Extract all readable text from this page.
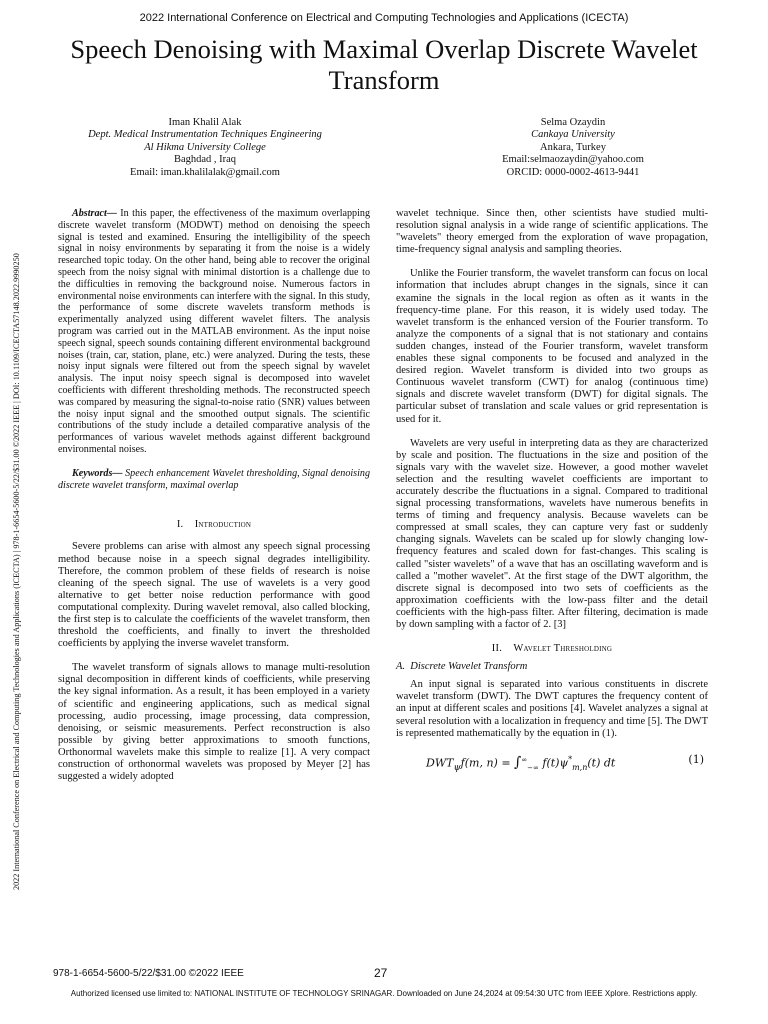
2022 International Conference on Electrical and Computing Technologies and Applications (ICECTA)
Speech Denoising with Maximal Overlap Discrete Wavelet Transform
2022 International Conference on Electrical and Computing Technologies and Applications (ICECTA) | 978-1-6654-5600-5/22/$31.00 ©2022 IEEE | DOI: 10.1109/ICECTA57148.2022.9990250
Iman Khalil Alak
Dept. Medical Instrumentation Techniques Engineering
Al Hikma University College
Baghdad , Iraq
Email: iman.khalilalak@gmail.com
Selma Ozaydin
Cankaya University
Ankara, Turkey
Email:selmaozaydin@yahoo.com
ORCID: 0000-0002-4613-9441

Abstract— In this paper, the effectiveness of the maximum overlapping discrete wavelet transform (MODWT) method on denoising the speech signal is tested and examined. Ensuring the intelligibility of the speech signal in noisy environments by separating it from the noise is a widely researched topic today. On the other hand, being able to recover the original speech from the noisy signal with minimal distortion is a challenge due to the difficulties in removing the background noise. Numerous factors in environmental noise environments can interfere with the signal. In this study, the performance of some discrete wavelets transform methods is experimentally analyzed using different wavelet filters. The analysis program was carried out in the MATLAB environment. As the input noise speech signal, speech sounds containing different environmental background noises (train, car, station, plane, etc.) were analyzed. During the tests, these noisy input signals were filtered out from the speech signal by wavelet analysis. The input noisy speech signal is decomposed into wavelet coefficients with different thresholding methods. The reconstructed speech was compared by measuring the signal-to-noise ratio (SNR) values between the noisy input signal and the smoothed output signals. The scientific contributions of the study include a detailed comparative analysis of the performances of various wavelet methods against different background environmental noises.

Keywords— Speech enhancement Wavelet thresholding, Signal denoising discrete wavelet transform, maximal overlap

I. Introduction

Severe problems can arise with almost any speech signal processing method because noise in a speech signal degrades intelligibility. Therefore, the common problem of these fields of research is noise cleaning of the speech signal. The use of wavelets is a very good alternative to get better noise reduction performance with good computational complexity. During wavelet removal, also called blocking, the first step is to calculate the coefficients of the wavelet transform, then threshold the coefficients, and finally to invert the thresholded coefficients by applying the inverse wavelet transform.

The wavelet transform of signals allows to manage multi-resolution signal decomposition in different kinds of coefficients, while preserving the key signal information. As a result, it has been employed in a variety of scientific and engineering applications, such as medical signal processing, audio processing, image processing, data compression, denoising, or seismic measurements. Perfect reconstruction is also possible by giving better approximations to smooth functions, Orthonormal wavelets make this simple to realize [1]. A very compact construction of orthonormal wavelets was proposed by Meyer [2] has suggested a widely adopted

wavelet technique. Since then, other scientists have studied multi-resolution signal analysis in a wide range of scientific applications. The "wavelets" theory emerged from the exploration of wave propagation, time-frequency signal analysis and sampling theories.

Unlike the Fourier transform, the wavelet transform can focus on local information that includes abrupt changes in the signals, since it can examine the signals in the local region as often as it wants in the frequency-time plane. For this reason, it is widely used today. The wavelet transform is the enhanced version of the Fourier transform. To analyze the components of a signal that is not stationary and contains sudden changes, instead of the Fourier transform, wavelet transform enables these signal components to be focused and analyzed in the desired region. Wavelet transform is divided into two groups as Continuous wavelet transform (CWT) for analog (continuous time) signals and discrete wavelet transform (DWT) for digital signals. The particular subset of translation and scale values or grid representation is used for it.

Wavelets are very useful in interpreting data as they are characterized by scale and position. The fluctuations in the size and position of the signals vary with the wavelet size. However, a good mother wavelet selection and the resulting wavelet coefficients are important to accurately describe the fluctuations in a signal. Compared to traditional signal processing transformations, wavelets have numerous benefits in terms of timing and frequency analysis. Because wavelets can be compressed at small scales, they can capture very fast or suddenly changing signals. Wavelets can be scaled up for slowly changing low-frequency features and scaled down for fast-changes. This scaling is called "sister wavelets" of a wave that has an oscillating waveform and is called a "mother wavelet". At the first stage of the DWT algorithm, the discrete signal is decomposed into two sets of coefficients as the approximation coefficients with the low-pass filter and the detail coefficients with the high-pass filter. After filtering, decimation is made by down sampling with a factor of 2. [3]

II. Wavelet Thresholding
A. Discrete Wavelet Transform

An input signal is separated into various constituents in discrete wavelet transform (DWT). The DWT captures the frequency content of an input at different scales and positions [4]. Wavelet analyzes a signal at several resolution with a localization in frequency and time [5]. The DWT is represented mathematically by the equation in (1).

$DWT_\psi f(m$, $n) = \int^\infty_{-\infty}$ $f(t)\psi^*_{m,n}(t)$ dt	(1)
978-1-6654-5600-5/22/$31.00 ©2022 IEEE	27
Authorized licensed use limited to: NATIONAL INSTITUTE OF TECHNOLOGY SRINAGAR. Downloaded on June 24,2024 at 09:54:30 UTC from IEEE Xplore. Restrictions apply.
